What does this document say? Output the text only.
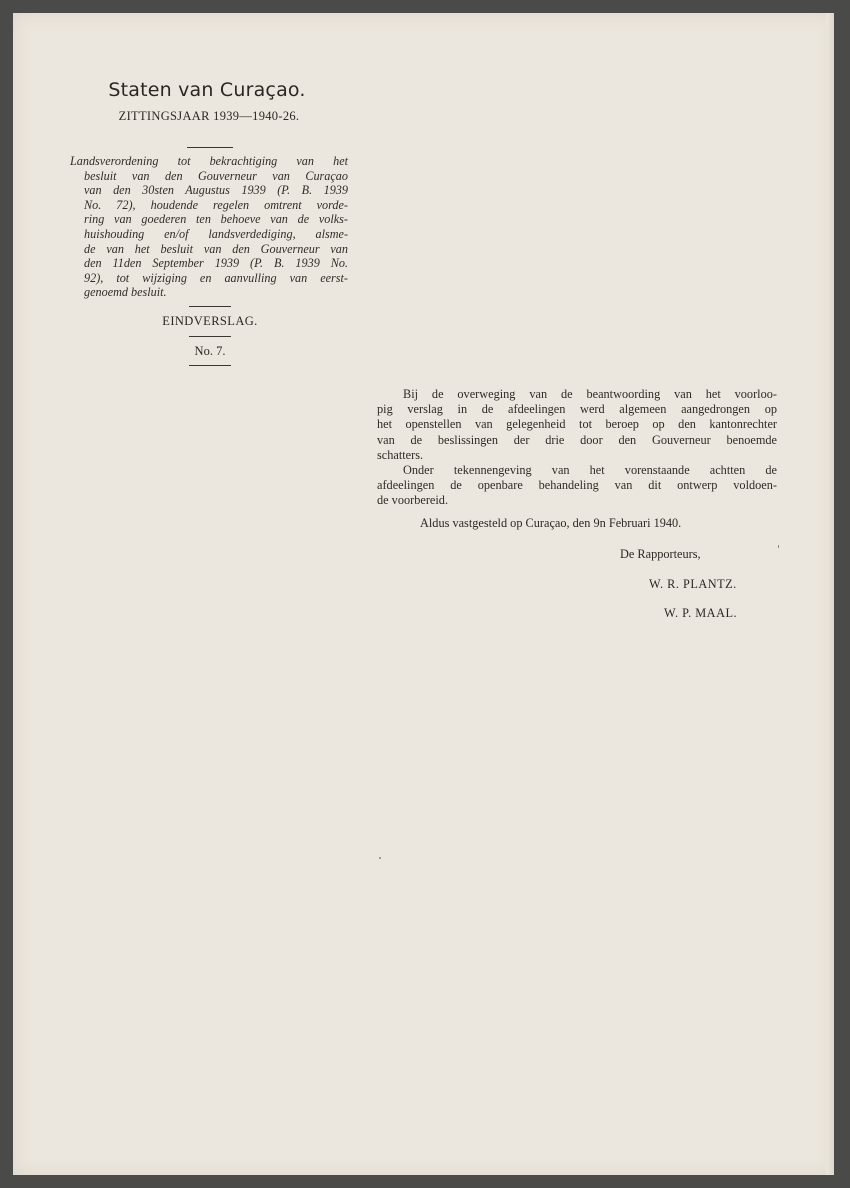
Staten van Curaçao.
ZITTINGSJAAR 1939—1940-26.
Landsverordening tot bekrachtiging van het
besluit van den Gouverneur van Curaçao
van den 30sten Augustus 1939 (P. B. 1939
No. 72), houdende regelen omtrent vorde-
ring van goederen ten behoeve van de volks-
huishouding en/of landsverdediging, alsme-
de van het besluit van den Gouverneur van
den 11den September 1939 (P. B. 1939 No.
92), tot wijziging en aanvulling van eerst-
genoemd besluit.
EINDVERSLAG.
No. 7.
Bij de overweging van de beantwoording van het voorloo-
pig verslag in de afdeelingen werd algemeen aangedrongen op
het openstellen van gelegenheid tot beroep op den kantonrechter
van de beslissingen der drie door den Gouverneur benoemde
schatters.
Onder tekennengeving van het vorenstaande achtten de
afdeelingen de openbare behandeling van dit ontwerp voldoen-
de voorbereid.
Aldus vastgesteld op Curaçao, den 9n Februari 1940.
De Rapporteurs,
W. R. PLANTZ.
W. P. MAAL.
